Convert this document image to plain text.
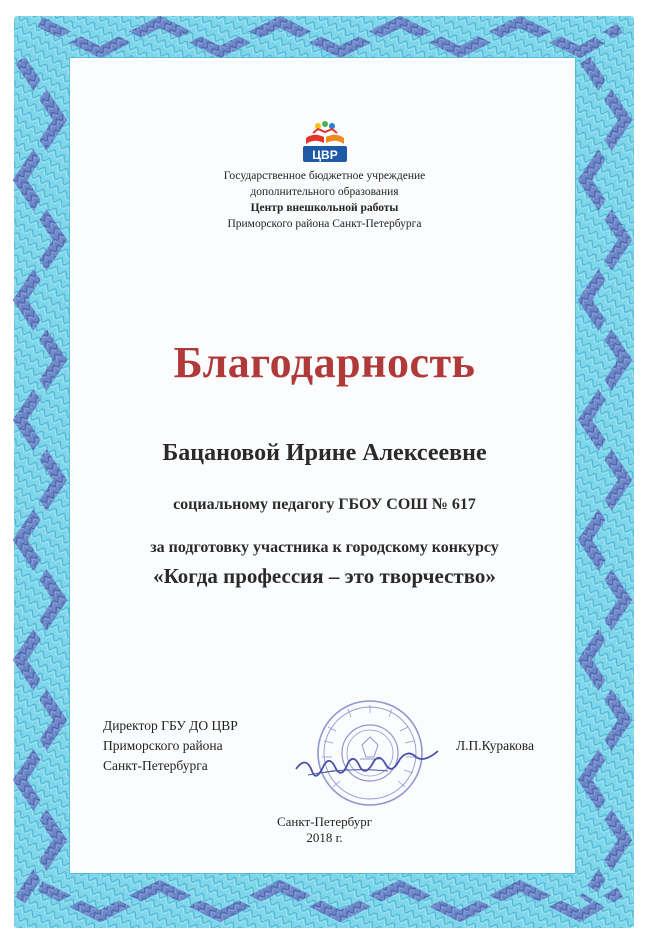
ЦВР
Государственное бюджетное учреждение
дополнительного образования
Центр внешкольной работы
Приморского района Санкт-Петербурга
Благодарность
Бацановой Ирине Алексеевне
социальному педагогу ГБОУ СОШ № 617
за подготовку участника к городскому конкурсу
«Когда профессия – это творчество»
Директор ГБУ ДО ЦВР
Приморского района
Санкт-Петербурга
Л.П.Куракова
Санкт-Петербург
2018 г.
